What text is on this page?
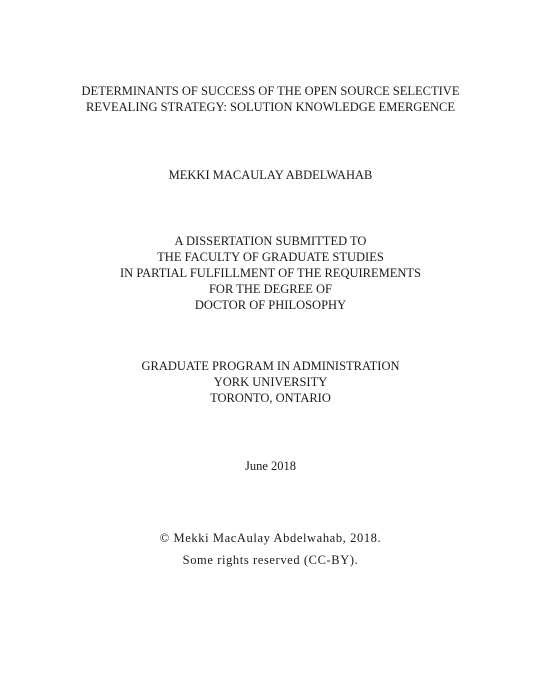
DETERMINANTS OF SUCCESS OF THE OPEN SOURCE SELECTIVE
REVEALING STRATEGY: SOLUTION KNOWLEDGE EMERGENCE
MEKKI MACAULAY ABDELWAHAB
A DISSERTATION SUBMITTED TO
THE FACULTY OF GRADUATE STUDIES
IN PARTIAL FULFILLMENT OF THE REQUIREMENTS
FOR THE DEGREE OF
DOCTOR OF PHILOSOPHY
GRADUATE PROGRAM IN ADMINISTRATION
YORK UNIVERSITY
TORONTO, ONTARIO
June 2018
© Mekki MacAulay Abdelwahab, 2018.
Some rights reserved (CC-BY).
